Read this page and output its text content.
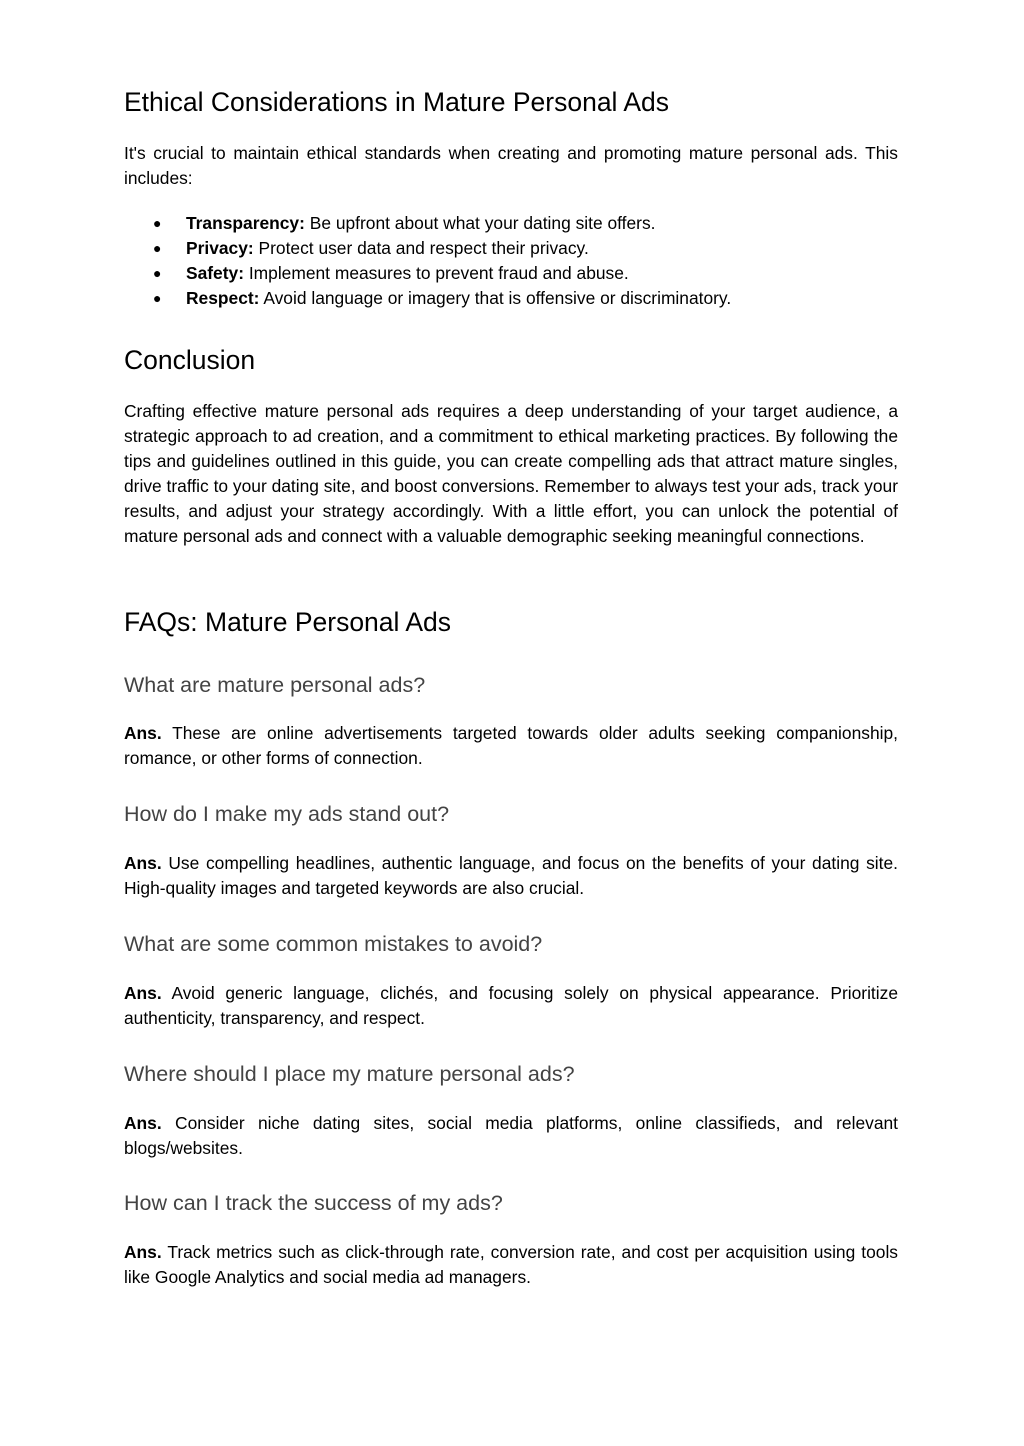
Ethical Considerations in Mature Personal Ads

It's crucial to maintain ethical standards when creating and promoting mature personal ads. This includes:

● Transparency: Be upfront about what your dating site offers.
● Privacy: Protect user data and respect their privacy.
● Safety: Implement measures to prevent fraud and abuse.
● Respect: Avoid language or imagery that is offensive or discriminatory.
Conclusion

Crafting effective mature personal ads requires a deep understanding of your target audience, a strategic approach to ad creation, and a commitment to ethical marketing practices. By following the tips and guidelines outlined in this guide, you can create compelling ads that attract mature singles, drive traffic to your dating site, and boost conversions. Remember to always test your ads, track your results, and adjust your strategy accordingly. With a little effort, you can unlock the potential of mature personal ads and connect with a valuable demographic seeking meaningful connections.

FAQs: Mature Personal Ads
What are mature personal ads?

Ans. These are online advertisements targeted towards older adults seeking companionship, romance, or other forms of connection.

How do I make my ads stand out?

Ans. Use compelling headlines, authentic language, and focus on the benefits of your dating site. High-quality images and targeted keywords are also crucial.

What are some common mistakes to avoid?

Ans. Avoid generic language, clichés, and focusing solely on physical appearance. Prioritize authenticity, transparency, and respect.

Where should I place my mature personal ads?

Ans. Consider niche dating sites, social media platforms, online classifieds, and relevant blogs/websites.

How can I track the success of my ads?

Ans. Track metrics such as click-through rate, conversion rate, and cost per acquisition using tools like Google Analytics and social media ad managers.
